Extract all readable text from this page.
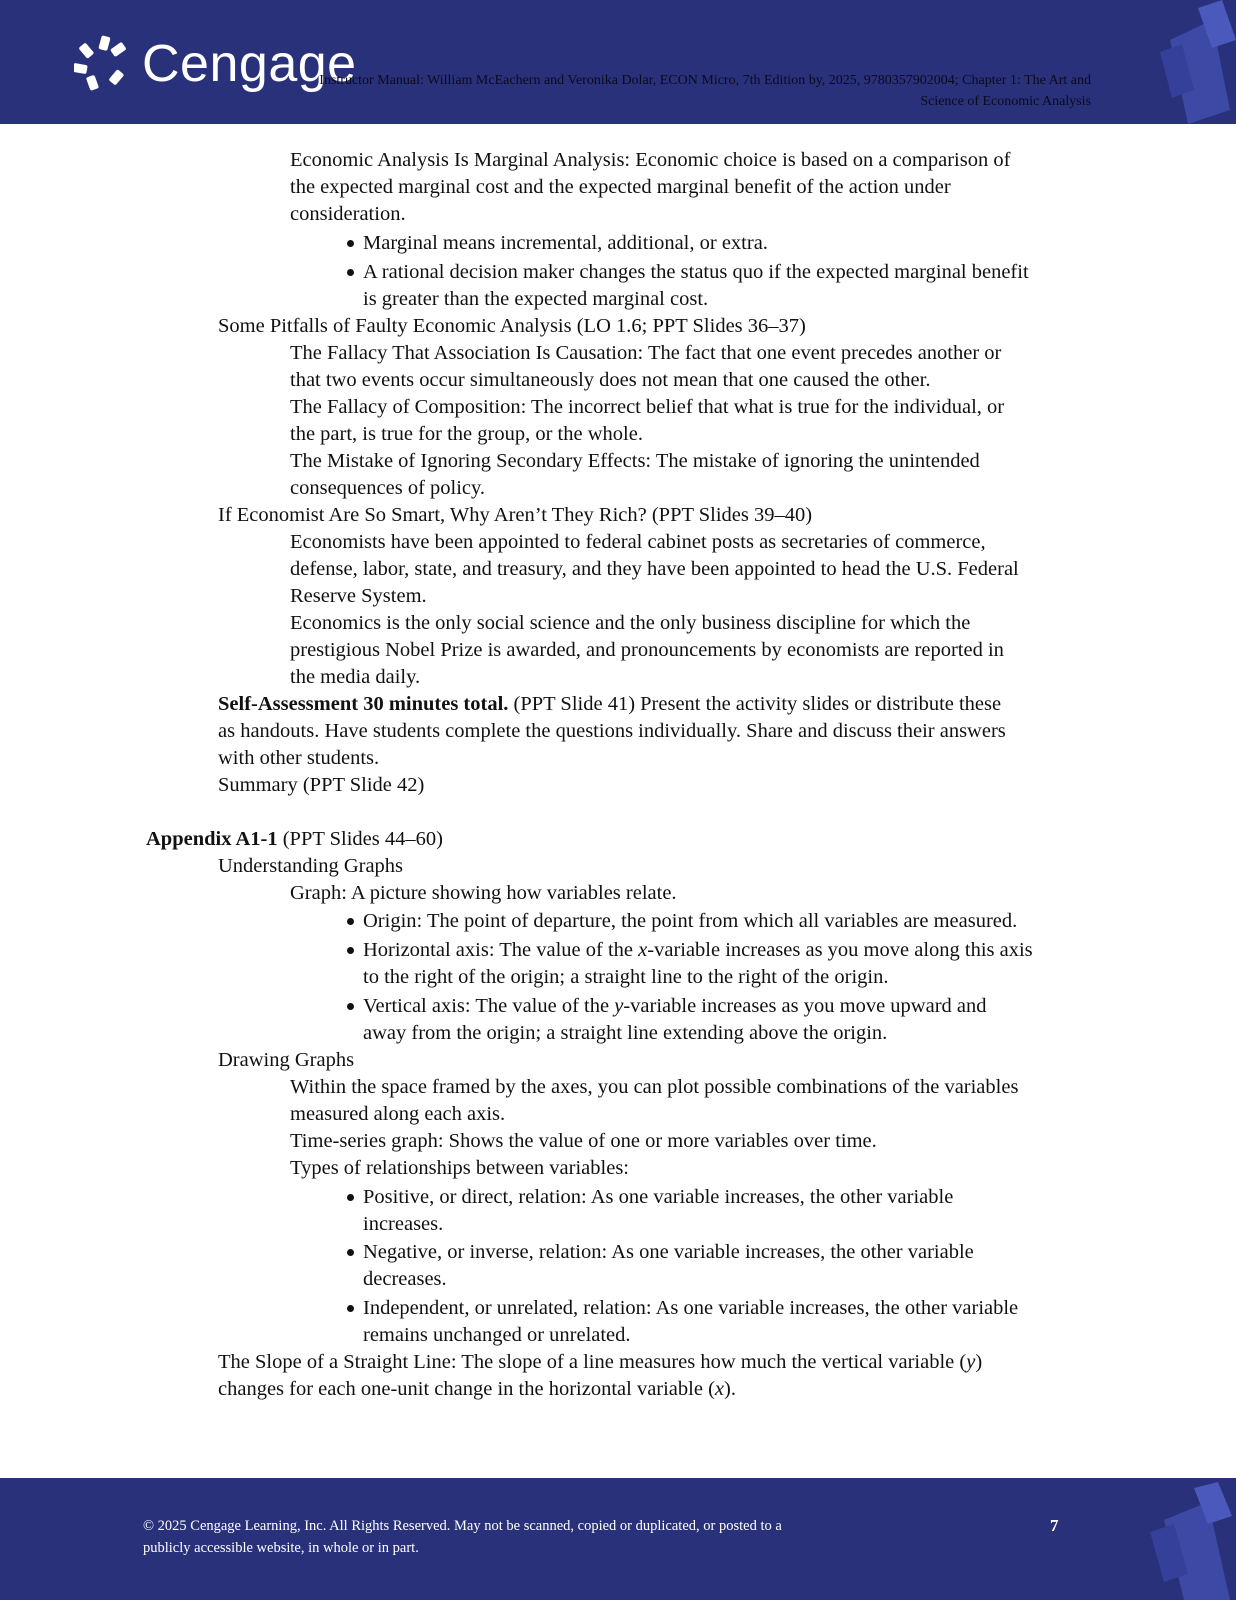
Cengage
Instructor Manual: William McEachern and Veronika Dolar, ECON Micro, 7th Edition by, 2025, 9780357902004; Chapter 1: The Art and
Science of Economic Analysis
Economic Analysis Is Marginal Analysis: Economic choice is based on a comparison of
the expected marginal cost and the expected marginal benefit of the action under
consideration.
Marginal means incremental, additional, or extra.
A rational decision maker changes the status quo if the expected marginal benefit
is greater than the expected marginal cost.
Some Pitfalls of Faulty Economic Analysis (LO 1.6; PPT Slides 36–37)
The Fallacy That Association Is Causation: The fact that one event precedes another or
that two events occur simultaneously does not mean that one caused the other.
The Fallacy of Composition: The incorrect belief that what is true for the individual, or
the part, is true for the group, or the whole.
The Mistake of Ignoring Secondary Effects: The mistake of ignoring the unintended
consequences of policy.
If Economist Are So Smart, Why Aren’t They Rich? (PPT Slides 39–40)
Economists have been appointed to federal cabinet posts as secretaries of commerce,
defense, labor, state, and treasury, and they have been appointed to head the U.S. Federal
Reserve System.
Economics is the only social science and the only business discipline for which the
prestigious Nobel Prize is awarded, and pronouncements by economists are reported in
the media daily.
Self-Assessment 30 minutes total. (PPT Slide 41) Present the activity slides or distribute these
as handouts. Have students complete the questions individually. Share and discuss their answers
with other students.
Summary (PPT Slide 42)
Appendix A1-1 (PPT Slides 44–60)
Understanding Graphs
Graph: A picture showing how variables relate.
Origin: The point of departure, the point from which all variables are measured.
Horizontal axis: The value of the x-variable increases as you move along this axis
to the right of the origin; a straight line to the right of the origin.
Vertical axis: The value of the y-variable increases as you move upward and
away from the origin; a straight line extending above the origin.
Drawing Graphs
Within the space framed by the axes, you can plot possible combinations of the variables
measured along each axis.
Time-series graph: Shows the value of one or more variables over time.
Types of relationships between variables:
Positive, or direct, relation: As one variable increases, the other variable
increases.
Negative, or inverse, relation: As one variable increases, the other variable
decreases.
Independent, or unrelated, relation: As one variable increases, the other variable
remains unchanged or unrelated.
The Slope of a Straight Line: The slope of a line measures how much the vertical variable (y)
changes for each one-unit change in the horizontal variable (x).
© 2025 Cengage Learning, Inc. All Rights Reserved. May not be scanned, copied or duplicated, or posted to a
publicly accessible website, in whole or in part.
7
